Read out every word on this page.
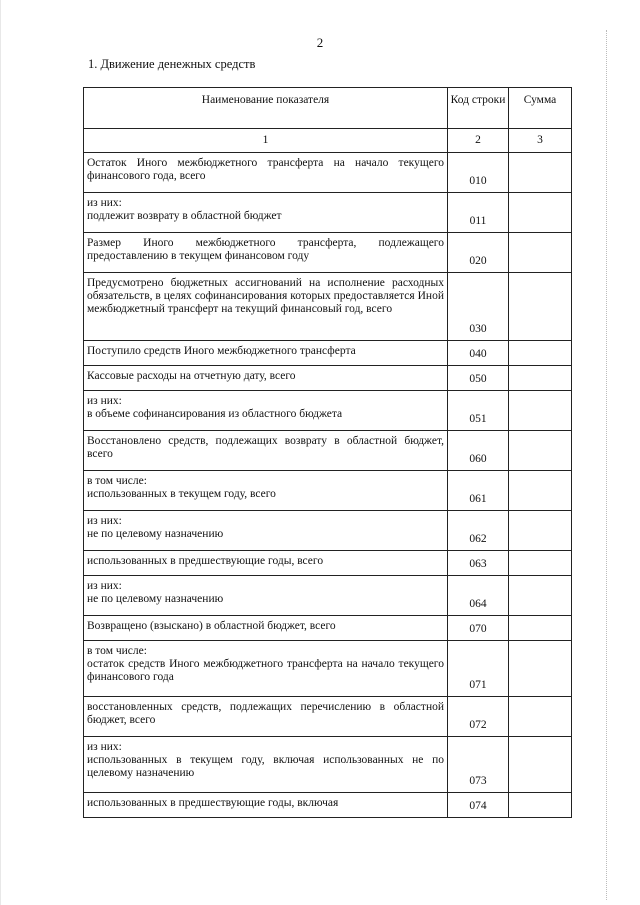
2
1. Движение денежных средств
Наименование показателя	Код строки	Сумма
1	2	3
Остаток Иного межбюджетного трансферта на начало текущего финансового года, всего	010	
из них:
подлежит возврату в областной бюджет	011	
Размер Иного межбюджетного трансферта, подлежащего предоставлению в текущем финансовом году	020	
Предусмотрено бюджетных ассигнований на исполнение расходных обязательств, в целях софинансирования которых предоставляется Иной межбюджетный трансферт на текущий финансовый год, всего	030	
Поступило средств Иного межбюджетного трансферта	040	
Кассовые расходы на отчетную дату, всего	050	
из них:
в объеме софинансирования из областного бюджета	051	
Восстановлено средств, подлежащих возврату в областной бюджет, всего	060	
в том числе:
использованных в текущем году, всего	061	
из них:
не по целевому назначению	062	
использованных в предшествующие годы, всего	063	
из них:
не по целевому назначению	064	
Возвращено (взыскано) в областной бюджет, всего	070	
в том числе:
остаток средств Иного межбюджетного трансферта на начало текущего финансового года	071	
восстановленных средств, подлежащих перечислению в областной бюджет, всего	072	
из них:
использованных в текущем году, включая использованных не по целевому назначению	073	
использованных в предшествующие годы, включая	074	
